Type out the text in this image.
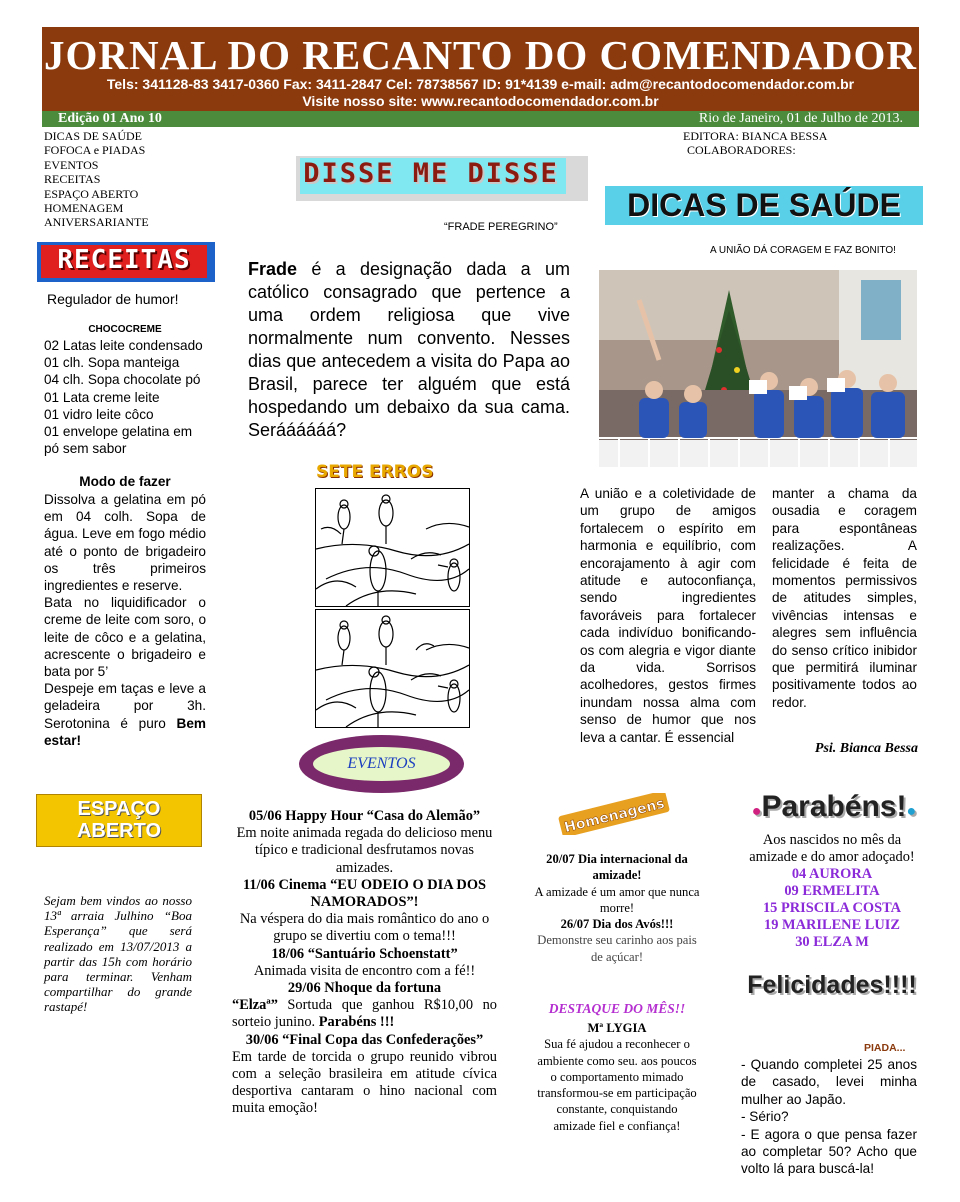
JORNAL DO RECANTO DO COMENDADOR
Tels: 341128-83 3417-0360 Fax: 3411-2847 Cel: 78738567 ID: 91*4139 e-mail: adm@recantodocomendador.com.br
Visite nosso site: www.recantodocomendador.com.br
Edição 01 Ano 10	Rio de Janeiro, 01 de Julho de 2013.
DICAS DE SAÚDE
FOFOCA e PIADAS
EVENTOS
RECEITAS
ESPAÇO ABERTO
HOMENAGEM
ANIVERSARIANTE
EDITORA: BIANCA BESSA
COLABORADORES:
DISSE ME DISSE
“FRADE PEREGRINO”
Frade é a designação dada a um católico consagrado que pertence a uma ordem religiosa que vive normalmente num convento. Nesses dias que antecedem a visita do Papa ao Brasil, parece ter alguém que está hospedando um debaixo da sua cama. Seráááááá?
DICAS DE SAÚDE
A UNIÃO DÁ CORAGEM E FAZ BONITO!
A união e a coletividade de um grupo de amigos fortalecem o espírito em harmonia e equilíbrio, com encorajamento à agir com atitude e autoconfiança, sendo ingredientes favoráveis para fortalecer cada indivíduo bonificando-os com alegria e vigor diante da vida. Sorrisos acolhedores, gestos firmes inundam nossa alma com senso de humor que nos leva a cantar. É essencial
manter a chama da ousadia e coragem para espontâneas realizações. A felicidade é feita de momentos permissivos de atitudes simples, vivências intensas e alegres sem influência do senso crítico inibidor que permitirá iluminar positivamente todos ao redor.
Psi. Bianca Bessa
RECEITAS
Regulador de humor!
CHOCOCREME
02 Latas leite condensado
01 clh. Sopa manteiga
04 clh. Sopa chocolate pó
01 Lata creme leite
01 vidro leite côco
01 envelope gelatina em pó sem sabor
Modo de fazer
Dissolva a gelatina em pó em 04 colh. Sopa de água. Leve em fogo médio até o ponto de brigadeiro os três primeiros ingredientes e reserve.
Bata no liquidificador o creme de leite com soro, o leite de côco e a gelatina, acrescente o brigadeiro e bata por 5’
Despeje em taças e leve a geladeira por 3h. Serotonina é puro Bem estar!
SETE ERROS
EVENTOS
05/06 Happy Hour “Casa do Alemão”
Em noite animada regada do delicioso menu típico e tradicional desfrutamos novas amizades.
11/06 Cinema “EU ODEIO O DIA DOS NAMORADOS”!
Na véspera do dia mais romântico do ano o grupo se divertiu com o tema!!!
18/06 “Santuário Schoenstatt”
Animada visita de encontro com a fé!!
29/06 Nhoque da fortuna
“Elzaª” Sortuda que ganhou R$10,00 no sorteio junino. Parabéns !!!
30/06 “Final Copa das Confederações”
Em tarde de torcida o grupo reunido vibrou com a seleção brasileira em atitude cívica desportiva cantaram o hino nacional com muita emoção!
ESPAÇO
ABERTO
Sejam bem vindos ao nosso 13ª arraia Julhino “Boa Esperança” que será realizado em 13/07/2013 a partir das 15h com horário para terminar. Venham compartilhar do grande rastapé!
Homenagens
20/07 Dia internacional da amizade!
A amizade é um amor que nunca morre!
26/07 Dia dos Avós!!!
Demonstre seu carinho aos pais de açúcar!
DESTAQUE DO MÊS!!
Mª LYGIA
Sua fé ajudou a reconhecer o ambiente como seu. aos poucos o comportamento mimado transformou-se em participação constante, conquistando amizade fiel e confiança!
●Parabéns!●
Aos nascidos no mês da amizade e do amor adoçado!
04 AURORA
09 ERMELITA
15 PRISCILA COSTA
19 MARILENE LUIZ
30 ELZA M
Felicidades!!!!
PIADA...
- Quando completei 25 anos de casado, levei minha mulher ao Japão.
- Sério?
- E agora o que pensa fazer ao completar 50? Acho que volto lá para buscá-la!
